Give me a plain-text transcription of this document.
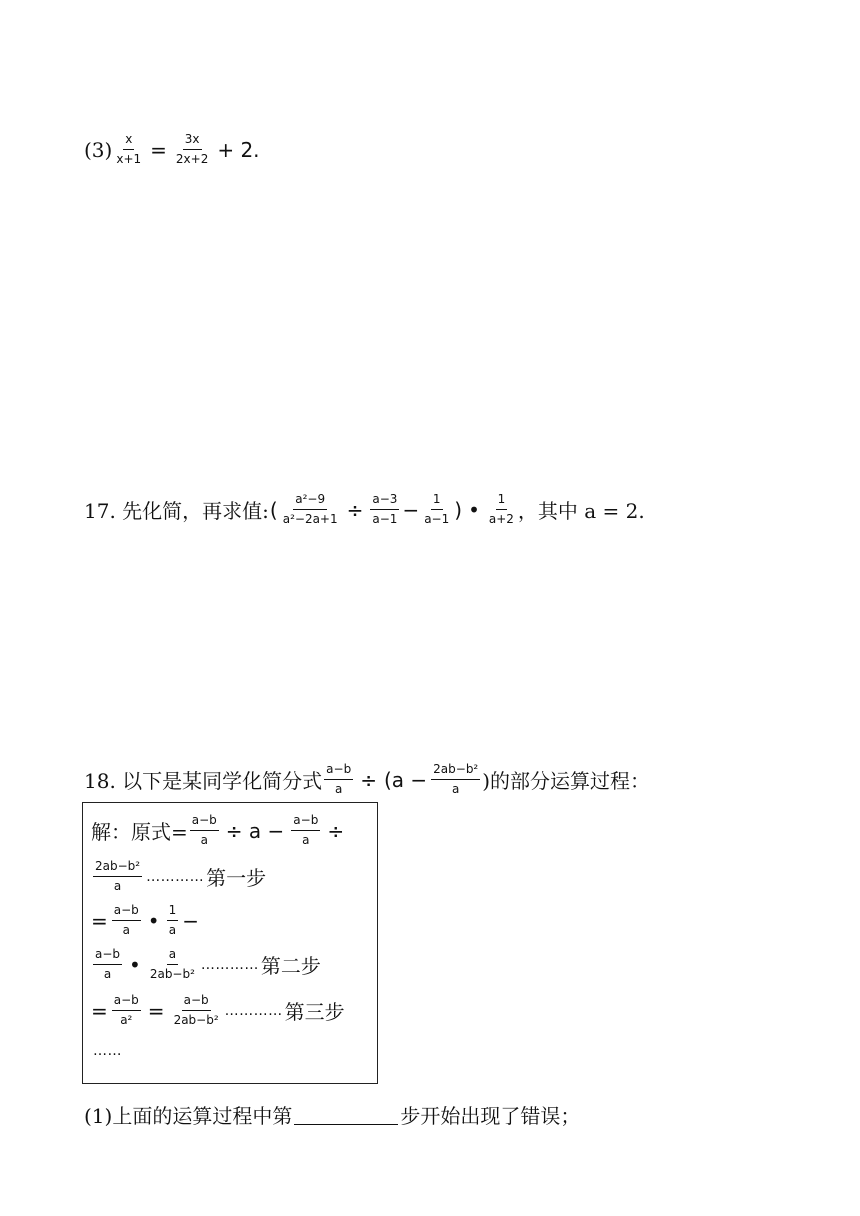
$(3) \frac{x}{x+1} = \frac{3x}{2x+2} + 2$.
17. 先化简，再求值: ( $\frac{\text{a²−9}}{\text{a²−2a+1}} \div \frac{a-3}{a-1} - \frac{1}{a-1}$ ) • $\frac{1}{a+2}$ ，其中 a = 2.
18. 以下是某同学化简分式 $\frac{a-b}{a} \div (a - \frac{\text{2ab−b²}}{a}$ )的部分运算过程：
解：原式= $\frac{a-b}{a} \div a - \frac{a-b}{a}$ ÷
$\frac{\text{2ab−b²}}{a}$ ………… 第一步
= $\frac{a-b}{a}$ • $\frac{1}{a}$ −
$\frac{a-b}{a}$ • $\frac{a}{\text{2ab−b²}}$ ………… 第二步
= $\frac{a-b}{\text{a²}} = \frac{a-b}{\text{2ab−b²}}$ ………… 第三步
……
(1)上面的运算过程中第	步开始出现了错误；
